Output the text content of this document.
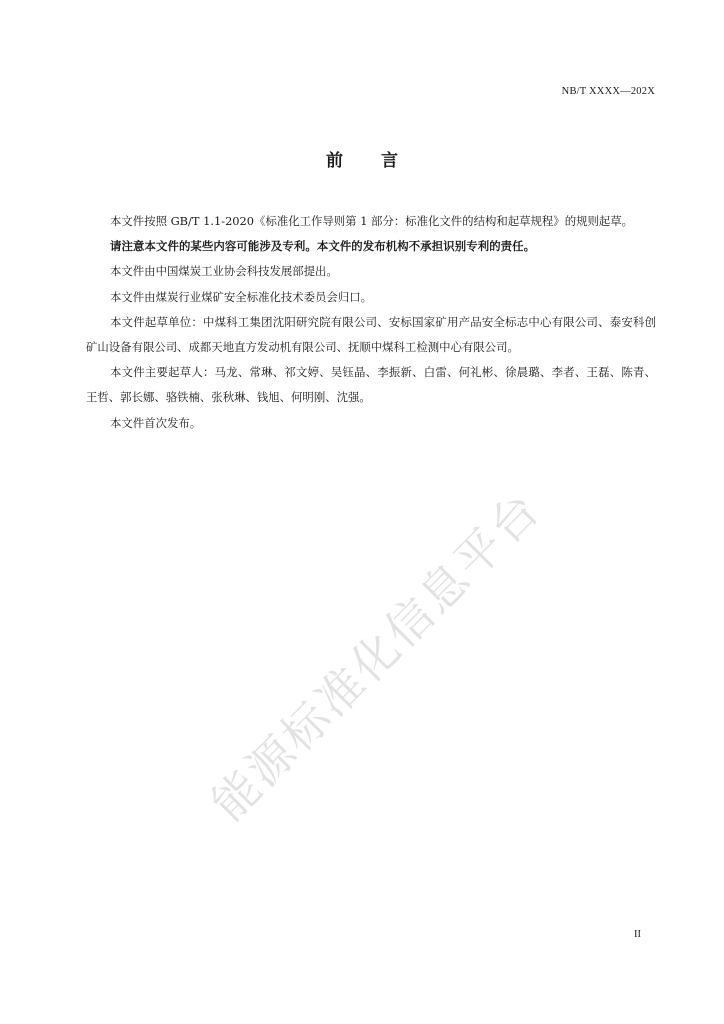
NB/T XXXX—202X
前 言

本文件按照 GB/T 1.1-2020《标准化工作导则第 1 部分：标准化文件的结构和起草规程》的规则起草。

请注意本文件的某些内容可能涉及专利。本文件的发布机构不承担识别专利的责任。

本文件由中国煤炭工业协会科技发展部提出。

本文件由煤炭行业煤矿安全标准化技术委员会归口。

本文件起草单位：中煤科工集团沈阳研究院有限公司、安标国家矿用产品安全标志中心有限公司、泰安科创矿山设备有限公司、成都天地直方发动机有限公司、抚顺中煤科工检测中心有限公司。

本文件主要起草人：马龙、常琳、祁文婷、吴钰晶、李振新、白雷、何礼彬、徐晨璐、李者、王磊、陈青、王哲、郭长娜、骆铁楠、张秋琳、钱旭、何明刚、沈强。

本文件首次发布。

能源标准化信息平台
II
